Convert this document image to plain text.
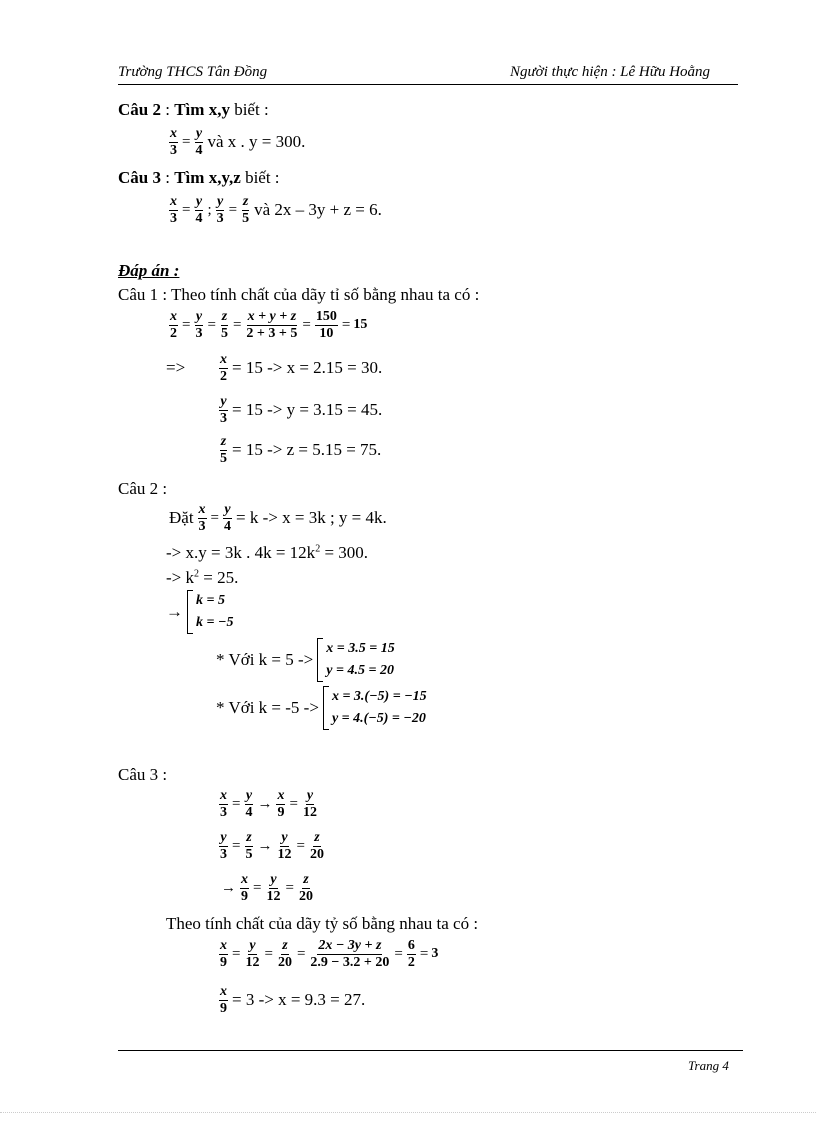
Trường THCS Tân Đồng	Người thực hiện : Lê Hữu Hoằng
Câu 2 : Tìm x,y biết :
$\frac{x}{3} = \frac{y}{4}$ và x . y = 300.
Câu 3 : Tìm x,y,z biết :
$\frac{x}{3} = \frac{y}{4}$ ; $\frac{y}{3} = \frac{z}{5}$ và 2x – 3y + z = 6.
Đáp án :
Câu 1 : Theo tính chất của dãy tỉ số bằng nhau ta có :
$\frac{x}{2} = \frac{y}{3} = \frac{z}{5} = \frac{x + y + z}{2 + 3 + 5} = \frac{150}{10} = 15$
=> $\frac{x}{2} = 15 -> x = 2.15 = 30$.
$\frac{y}{3} = 15 -> y = 3.15 = 45$.
$\frac{z}{5} = 15 -> z = 5.15 = 75$.
Câu 2 :
Đặt $\frac{x}{3} = \frac{y}{4} = k -> x = 3k$ ; y = 4k.
-> x.y = 3k . $4k = 12k^2 = 300$.
-> $k^2 = 25$.
→
k = 5
k = −5
* Với k = 5 ->
x = 3.5 = 15
y = 4.5 = 20
* Với k = -5 ->
x = 3.(−5) = −15
y = 4.(−5) = −20
Câu 3 :
$\frac{x}{3} = \frac{y}{4} \to \frac{x}{9} = \frac{y}{12}$
$\frac{y}{3} = \frac{z}{5} \to \frac{y}{12} = \frac{z}{20}$
→ $\frac{x}{9} = \frac{y}{12} = \frac{z}{20}$
Theo tính chất của dãy tỷ số bằng nhau ta có :
$\frac{x}{9} = \frac{y}{12} = \frac{z}{20} = \frac{2x - 3y + z}{2.9 - 3.2 + 20} = \frac{6}{2} = 3$
$\frac{x}{9} = 3 -> x = 9.3 = 27$.
Trang 4
